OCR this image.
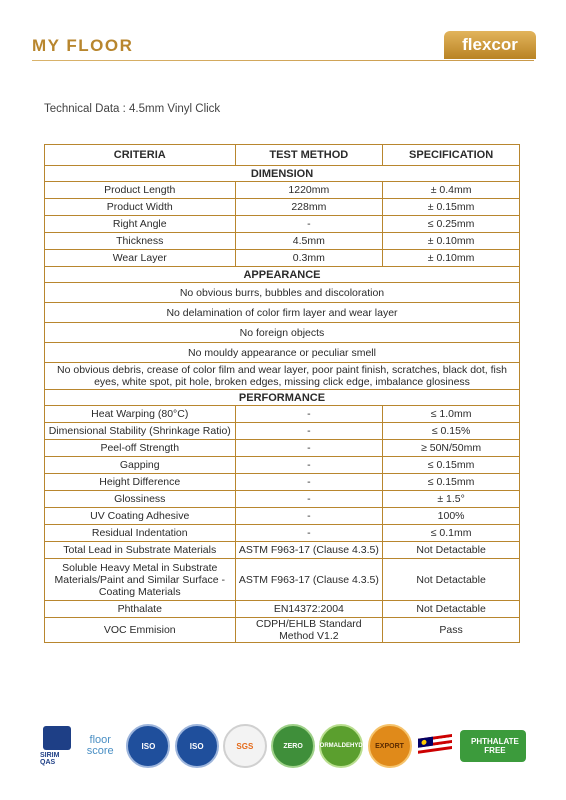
MY FLOOR	flexcor
Technical Data : 4.5mm Vinyl Click
CRITERIA	TEST METHOD	SPECIFICATION
DIMENSION		
Product Length	1220mm	± 0.4mm
Product Width	228mm	± 0.15mm
Right Angle	-	≤ 0.25mm
Thickness	4.5mm	± 0.10mm
Wear Layer	0.3mm	± 0.10mm
APPEARANCE		
No obvious burrs, bubbles and discoloration		
No delamination of color firm layer and wear layer		
No foreign objects		
No mouldy appearance or peculiar smell		
No obvious debris, crease of color film and wear layer, poor paint finish, scratches, black dot, fish eyes, white spot, pit hole, broken edges, missing click edge, imbalance glosiness		
PERFORMANCE		
Heat Warping (80°C)	-	≤ 1.0mm
Dimensional Stability (Shrinkage Ratio)	-	≤ 0.15%
Peel-off Strength	-	≥ 50N/50mm
Gapping	-	≤ 0.15mm
Height Difference	-	≤ 0.15mm
Glossiness	-	± 1.5°
UV Coating Adhesive	-	100%
Residual Indentation	-	≤ 0.1mm
Total Lead in Substrate Materials	ASTM F963-17 (Clause 4.3.5)	Not Detactable
Soluble Heavy Metal in Substrate Materials/Paint and Similar Surface - Coating Materials	ASTM F963-17 (Clause 4.3.5)	Not Detactable
Phthalate	EN14372:2004	Not Detactable
VOC Emmision	CDPH/EHLB Standard Method V1.2	Pass
SIRIM QAS
floor score	ISO	ISO	SGS	ZERO FORMALDEHYDE EXPORT	PHTHALATE
FREE
